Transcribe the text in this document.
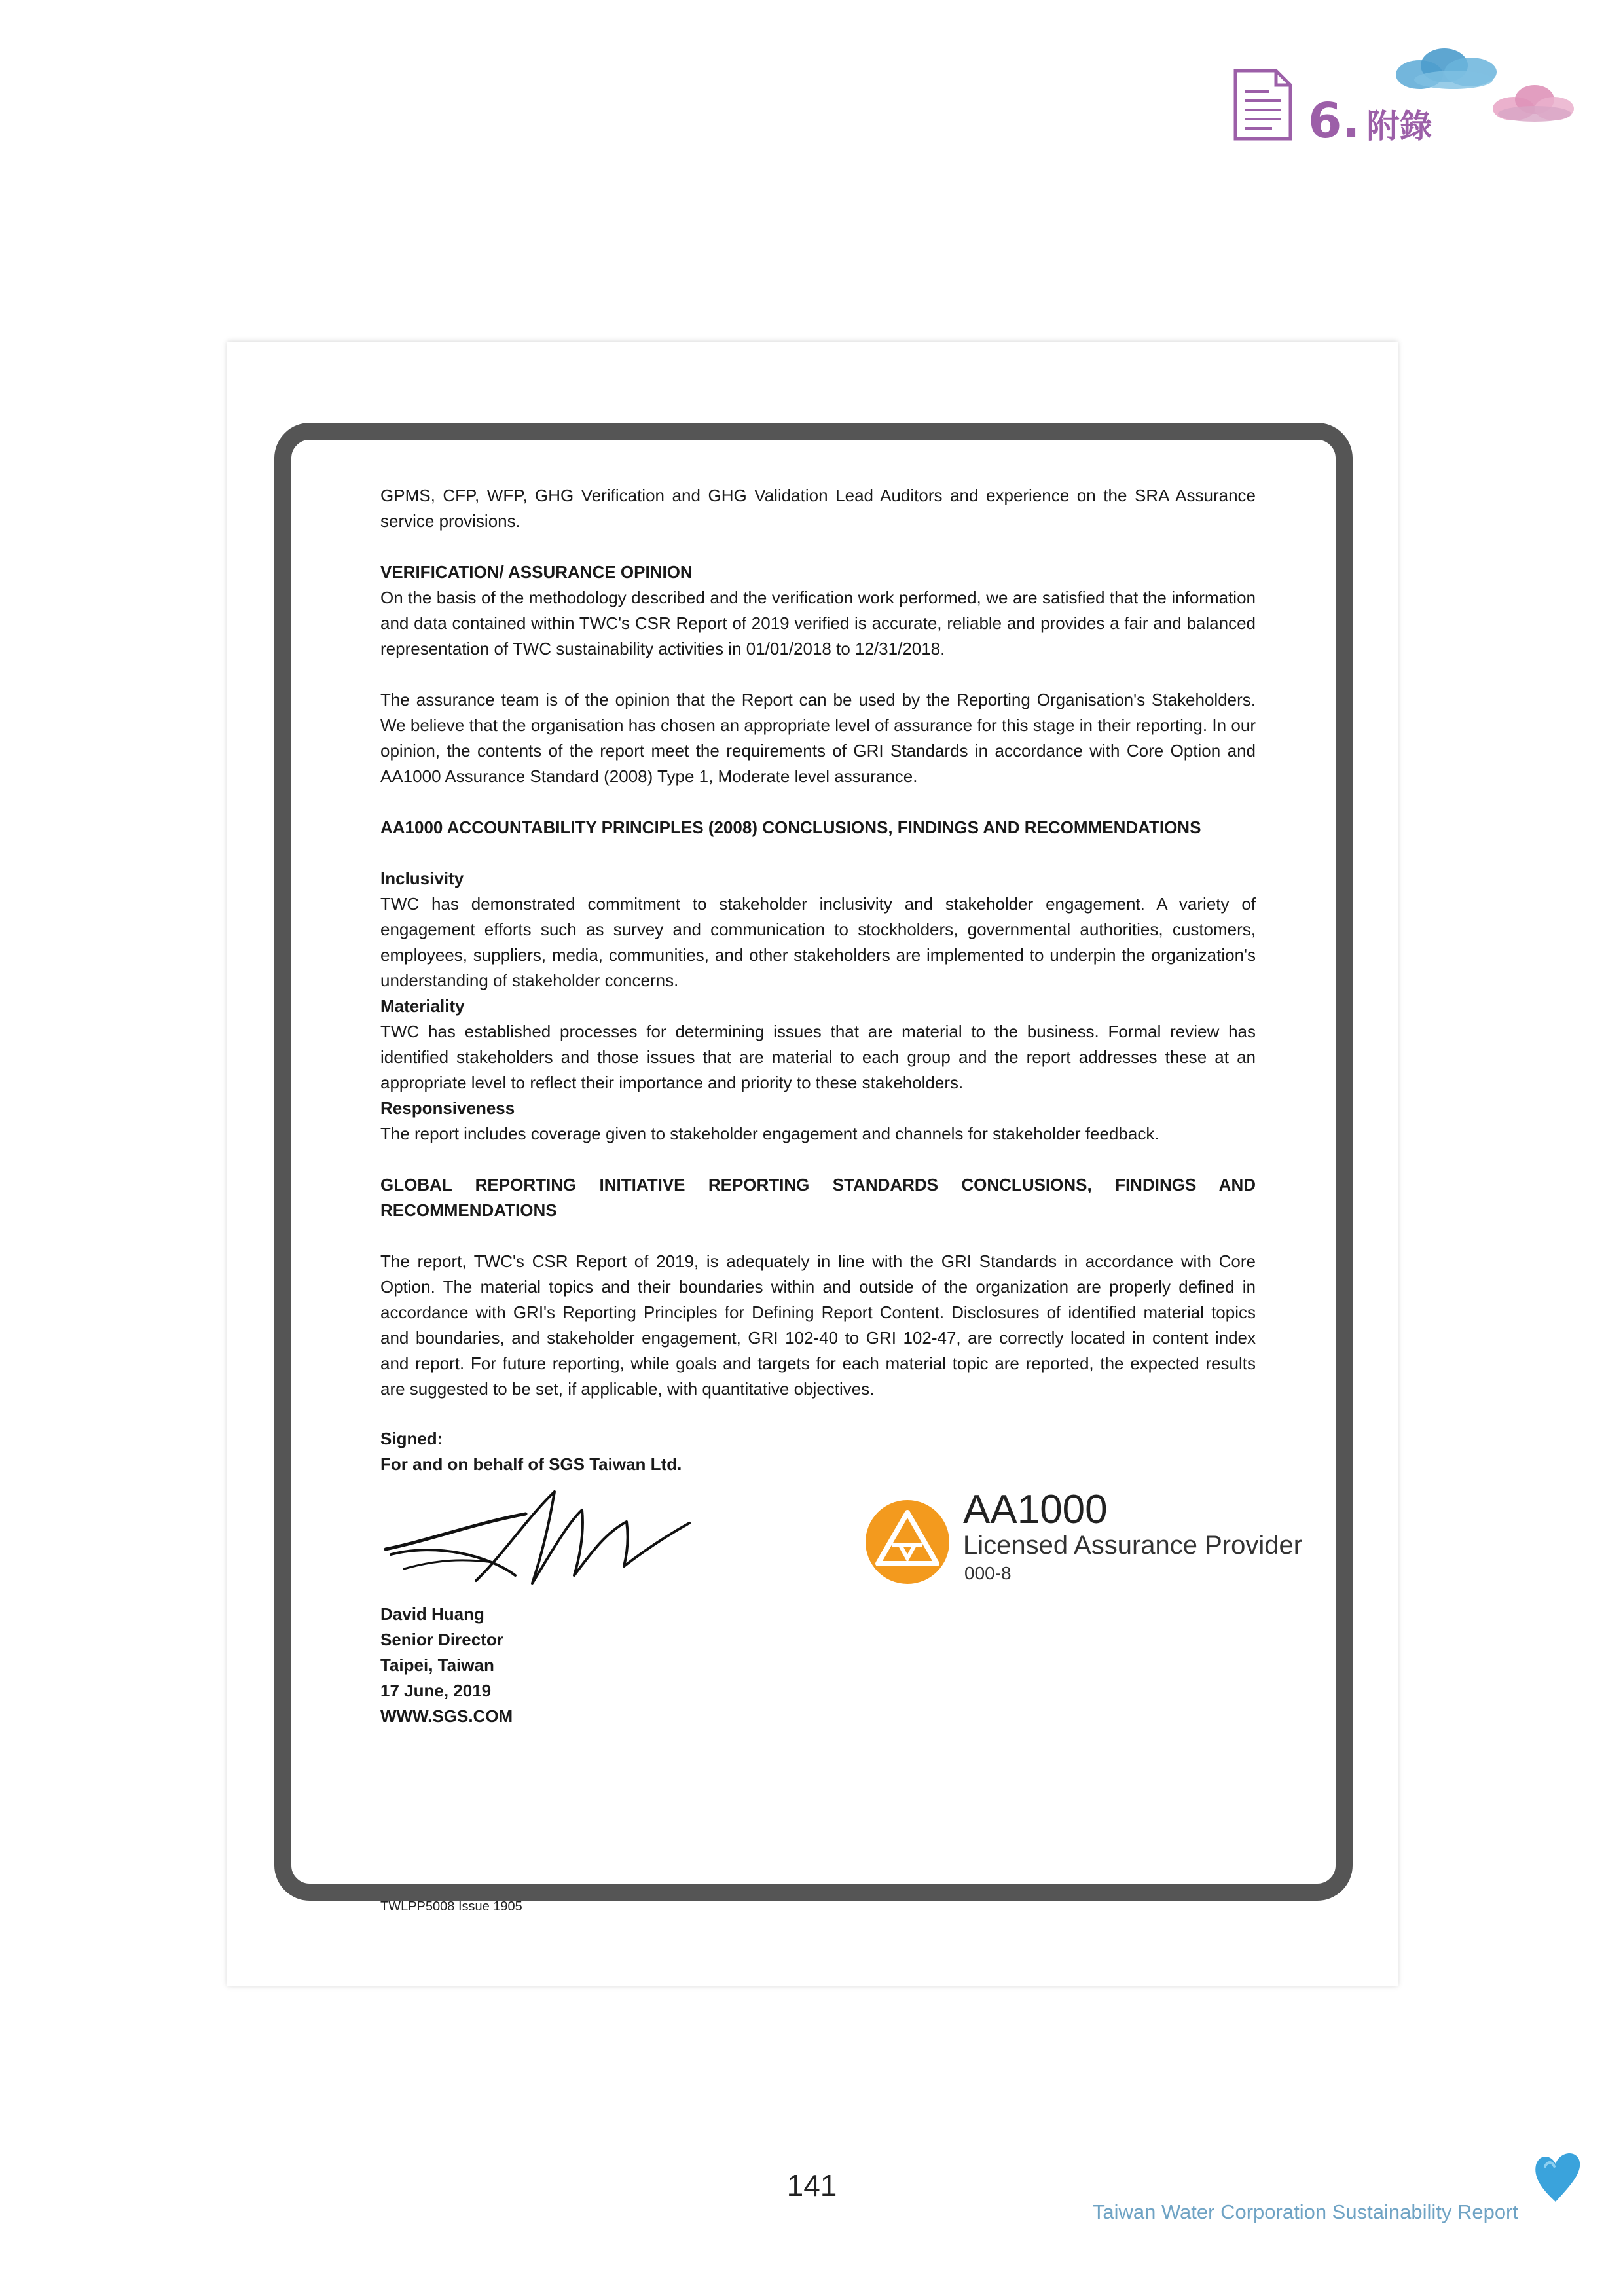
6. 附錄

GPMS, CFP, WFP, GHG Verification and GHG Validation Lead Auditors and experience on the SRA Assurance service provisions.

VERIFICATION/ ASSURANCE OPINION

On the basis of the methodology described and the verification work performed, we are satisfied that the information and data contained within TWC's CSR Report of 2019 verified is accurate, reliable and provides a fair and balanced representation of TWC sustainability activities in 01/01/2018 to 12/31/2018.

The assurance team is of the opinion that the Report can be used by the Reporting Organisation's Stakeholders. We believe that the organisation has chosen an appropriate level of assurance for this stage in their reporting. In our opinion, the contents of the report meet the requirements of GRI Standards in accordance with Core Option and AA1000 Assurance Standard (2008) Type 1, Moderate level assurance.

AA1000 ACCOUNTABILITY PRINCIPLES (2008) CONCLUSIONS, FINDINGS AND RECOMMENDATIONS

Inclusivity

TWC has demonstrated commitment to stakeholder inclusivity and stakeholder engagement. A variety of engagement efforts such as survey and communication to stockholders, governmental authorities, customers, employees, suppliers, media, communities, and other stakeholders are implemented to underpin the organization's understanding of stakeholder concerns.

Materiality

TWC has established processes for determining issues that are material to the business. Formal review has identified stakeholders and those issues that are material to each group and the report addresses these at an appropriate level to reflect their importance and priority to these stakeholders.

Responsiveness

The report includes coverage given to stakeholder engagement and channels for stakeholder feedback.

GLOBAL REPORTING INITIATIVE REPORTING STANDARDS CONCLUSIONS, FINDINGS AND RECOMMENDATIONS

The report, TWC's CSR Report of 2019, is adequately in line with the GRI Standards in accordance with Core Option. The material topics and their boundaries within and outside of the organization are properly defined in accordance with GRI's Reporting Principles for Defining Report Content. Disclosures of identified material topics and boundaries, and stakeholder engagement, GRI 102-40 to GRI 102-47, are correctly located in content index and report. For future reporting, while goals and targets for each material topic are reported, the expected results are suggested to be set, if applicable, with quantitative objectives.

Signed:
For and on behalf of SGS Taiwan Ltd.
David Huang
Senior Director
Taipei, Taiwan
17 June, 2019
WWW.SGS.COM
AA1000
Licensed Assurance Provider
000-8
TWLPP5008 Issue 1905
141
Taiwan Water Corporation Sustainability Report
